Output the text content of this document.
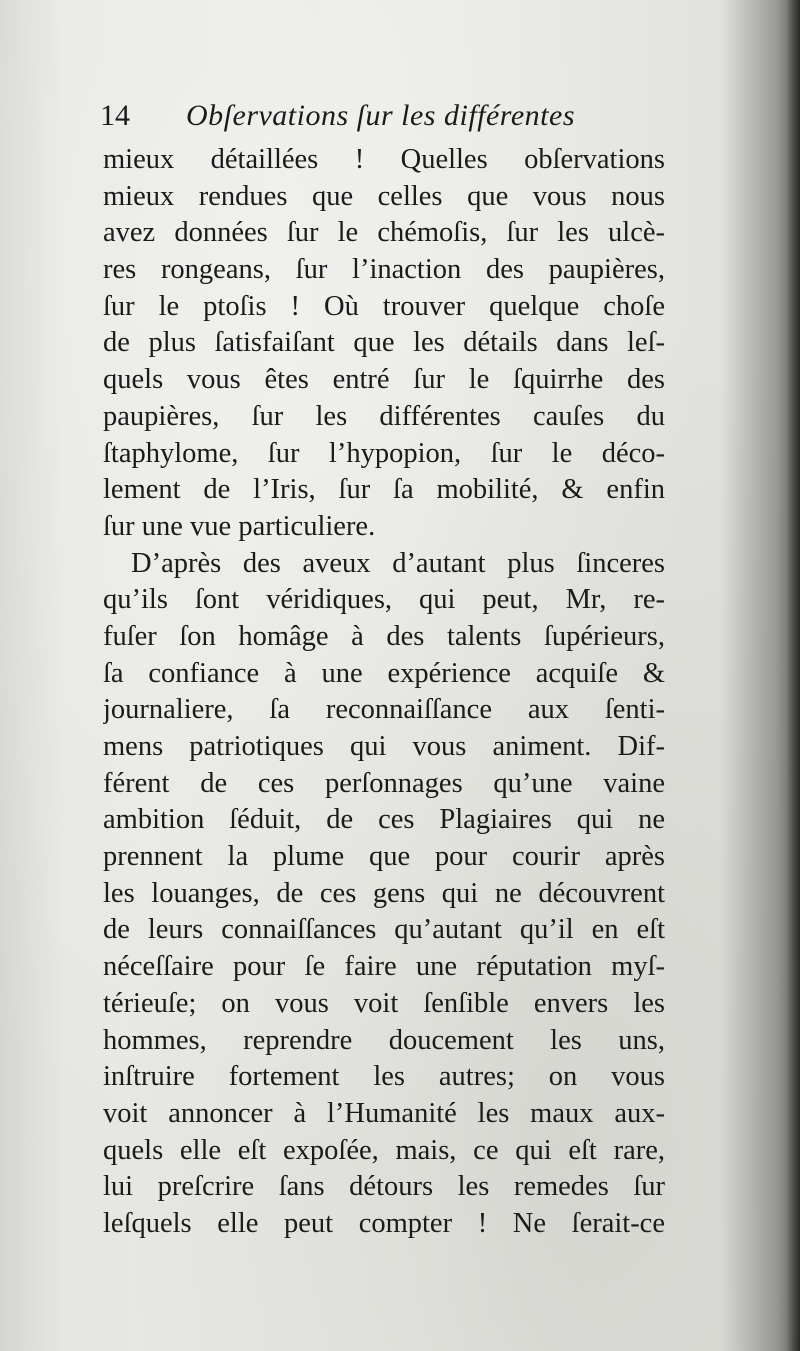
14 Obſervations ſur les différentes
mieux détaillées ! Quelles obſervations
mieux rendues que celles que vous nous
avez données ſur le chémoſis, ſur les ulcè-
res rongeans, ſur l’inaction des paupières,
ſur le ptoſis ! Où trouver quelque choſe
de plus ſatisfaiſant que les détails dans leſ-
quels vous êtes entré ſur le ſquirrhe des
paupières, ſur les différentes cauſes du
ſtaphylome, ſur l’hypopion, ſur le déco-
lement de l’Iris, ſur ſa mobilité, & enfin
ſur une vue particuliere.
D’après des aveux d’autant plus ſinceres
qu’ils ſont véridiques, qui peut, Mr, re-
fuſer ſon homâge à des talents ſupérieurs,
ſa confiance à une expérience acquiſe &
journaliere, ſa reconnaiſſance aux ſenti-
mens patriotiques qui vous animent. Dif-
férent de ces perſonnages qu’une vaine
ambition ſéduit, de ces Plagiaires qui ne
prennent la plume que pour courir après
les louanges, de ces gens qui ne découvrent
de leurs connaiſſances qu’autant qu’il en eſt
néceſſaire pour ſe faire une réputation myſ-
térieuſe; on vous voit ſenſible envers les
hommes, reprendre doucement les uns,
inſtruire fortement les autres; on vous
voit annoncer à l’Humanité les maux aux-
quels elle eſt expoſée, mais, ce qui eſt rare,
lui preſcrire ſans détours les remedes ſur
leſquels elle peut compter ! Ne ſerait-ce
